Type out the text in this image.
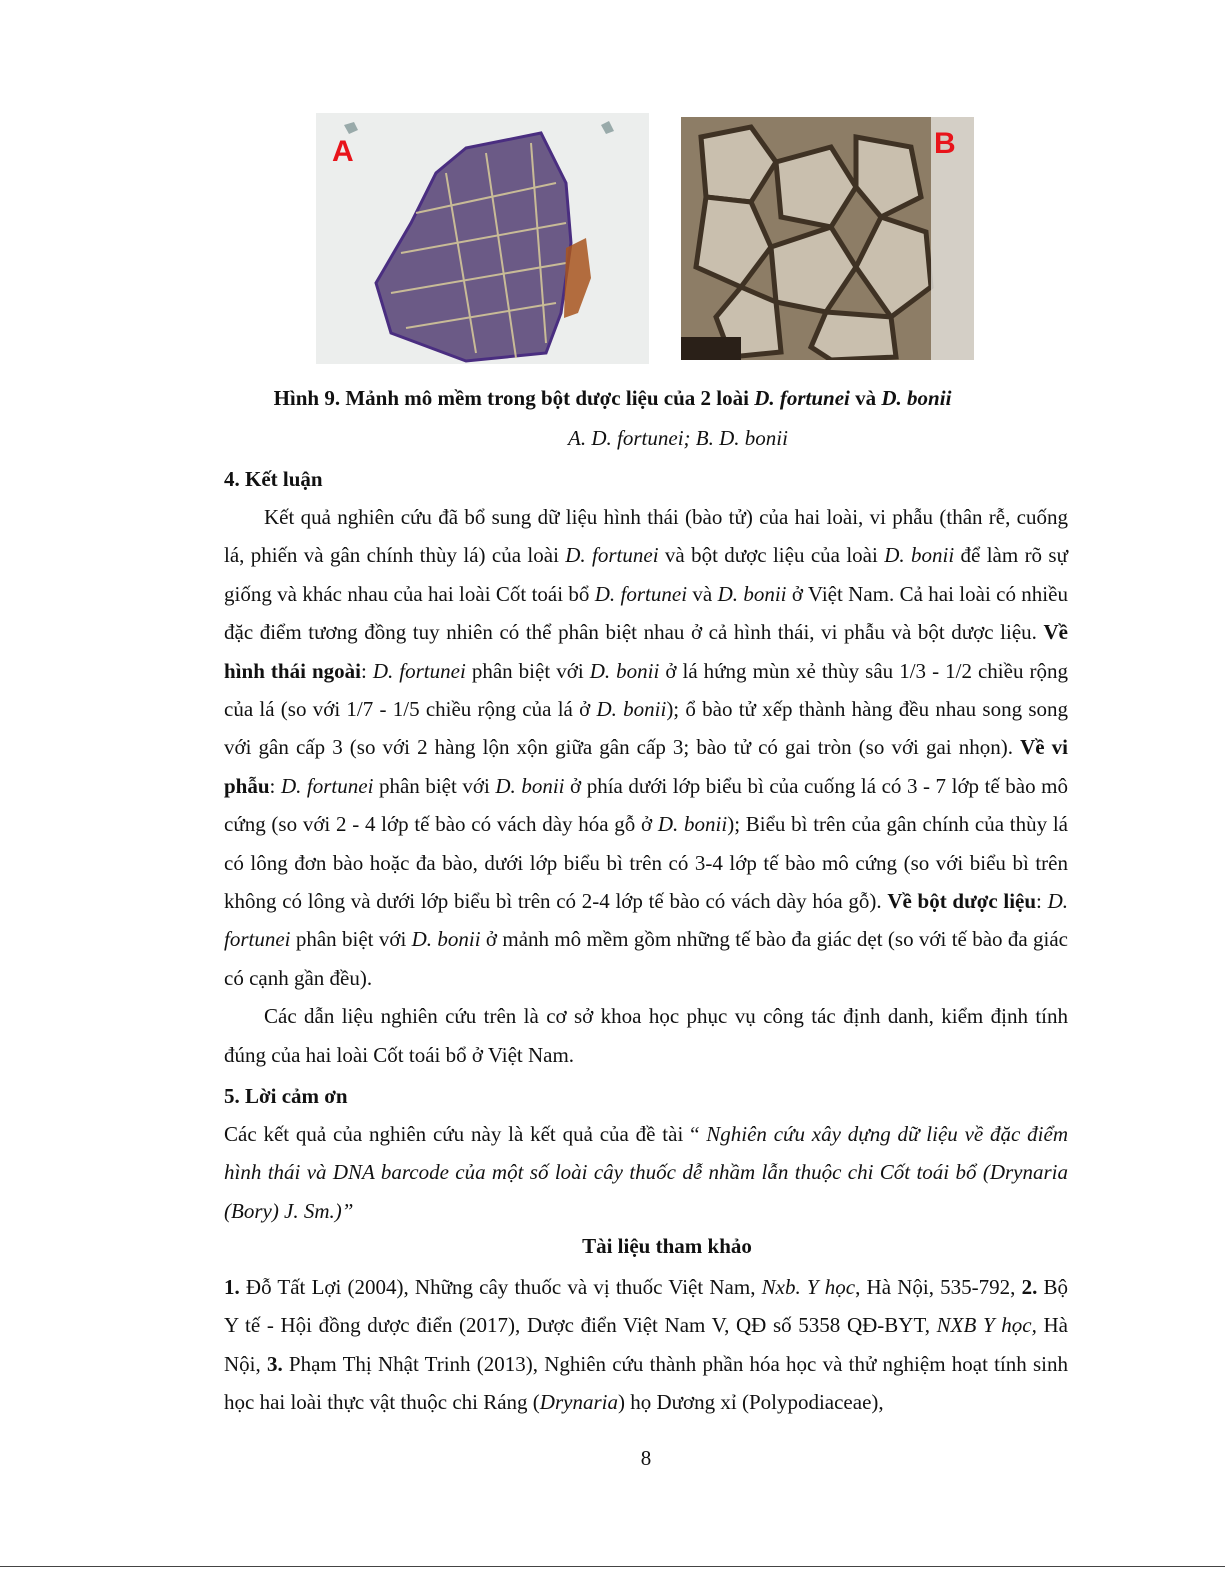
A	B
Hình 9. Mảnh mô mềm trong bột dược liệu của 2 loài D. fortunei và D. bonii
A. D. fortunei; B. D. bonii
4. Kết luận

Kết quả nghiên cứu đã bổ sung dữ liệu hình thái (bào tử) của hai loài, vi phẫu (thân rễ, cuống lá, phiến và gân chính thùy lá) của loài D. fortunei và bột dược liệu của loài D. bonii để làm rõ sự giống và khác nhau của hai loài Cốt toái bổ D. fortunei và D. bonii ở Việt Nam. Cả hai loài có nhiều đặc điểm tương đồng tuy nhiên có thể phân biệt nhau ở cả hình thái, vi phẫu và bột dược liệu. Về hình thái ngoài: D. fortunei phân biệt với D. bonii ở lá hứng mùn xẻ thùy sâu 1/3 - 1/2 chiều rộng của lá (so với 1/7 - 1/5 chiều rộng của lá ở D. bonii); ổ bào tử xếp thành hàng đều nhau song song với gân cấp 3 (so với 2 hàng lộn xộn giữa gân cấp 3; bào tử có gai tròn (so với gai nhọn). Về vi phẫu: D. fortunei phân biệt với D. bonii ở phía dưới lớp biểu bì của cuống lá có 3 - 7 lớp tế bào mô cứng (so với 2 - 4 lớp tế bào có vách dày hóa gỗ ở D. bonii); Biểu bì trên của gân chính của thùy lá có lông đơn bào hoặc đa bào, dưới lớp biểu bì trên có 3-4 lớp tế bào mô cứng (so với biểu bì trên không có lông và dưới lớp biểu bì trên có 2-4 lớp tế bào có vách dày hóa gỗ). Về bột dược liệu: D. fortunei phân biệt với D. bonii ở mảnh mô mềm gồm những tế bào đa giác dẹt (so với tế bào đa giác có cạnh gần đều).

Các dẫn liệu nghiên cứu trên là cơ sở khoa học phục vụ công tác định danh, kiểm định tính đúng của hai loài Cốt toái bổ ở Việt Nam.

5. Lời cảm ơn

Các kết quả của nghiên cứu này là kết quả của đề tài “ Nghiên cứu xây dựng dữ liệu về đặc điểm hình thái và DNA barcode của một số loài cây thuốc dễ nhầm lẫn thuộc chi Cốt toái bổ (Drynaria (Bory) J. Sm.)”

Tài liệu tham khảo

1. Đỗ Tất Lợi (2004), Những cây thuốc và vị thuốc Việt Nam, Nxb. Y học, Hà Nội, 535-792, 2. Bộ Y tế - Hội đồng dược điển (2017), Dược điển Việt Nam V, QĐ số 5358 QĐ-BYT, NXB Y học, Hà Nội, 3. Phạm Thị Nhật Trinh (2013), Nghiên cứu thành phần hóa học và thử nghiệm hoạt tính sinh học hai loài thực vật thuộc chi Ráng (Drynaria) họ Dương xỉ (Polypodiaceae),

8
